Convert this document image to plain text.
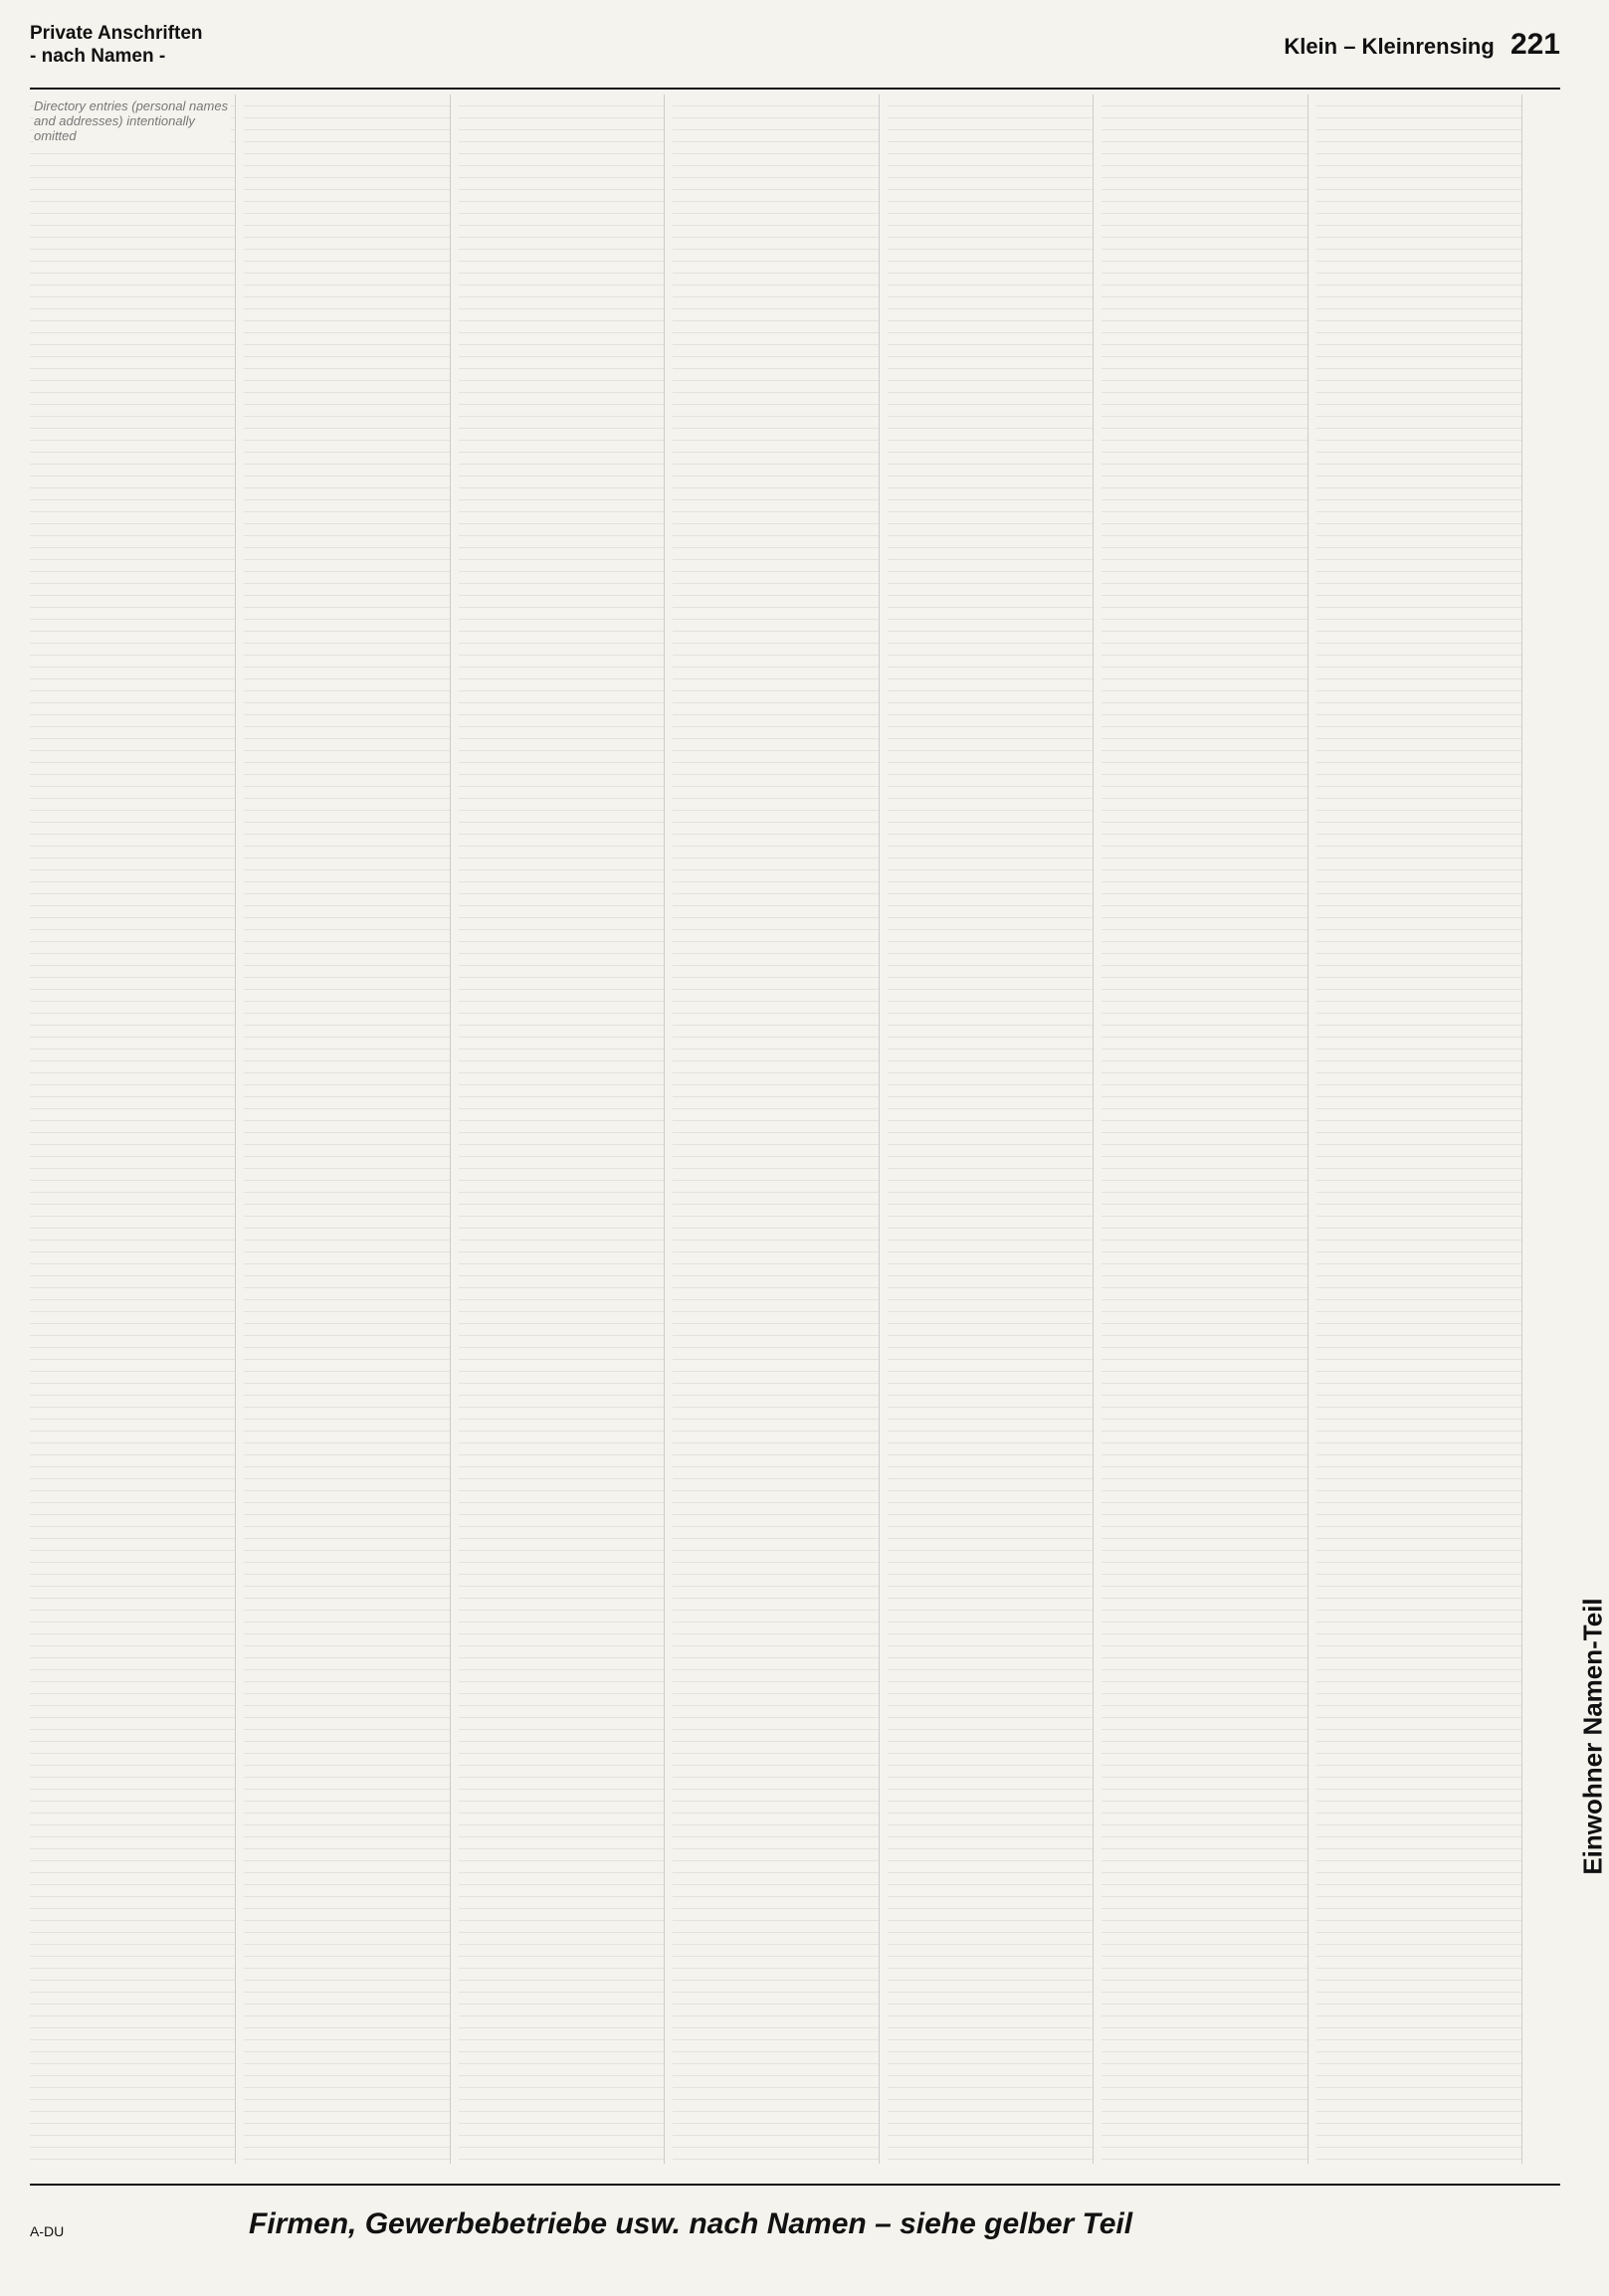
Private Anschriften
- nach Namen -	Klein – Kleinrensing 221
Directory entries (personal names and addresses) intentionally omitted
Einwohner Namen-Teil
A-DU	Firmen, Gewerbebetriebe usw. nach Namen – siehe gelber Teil
